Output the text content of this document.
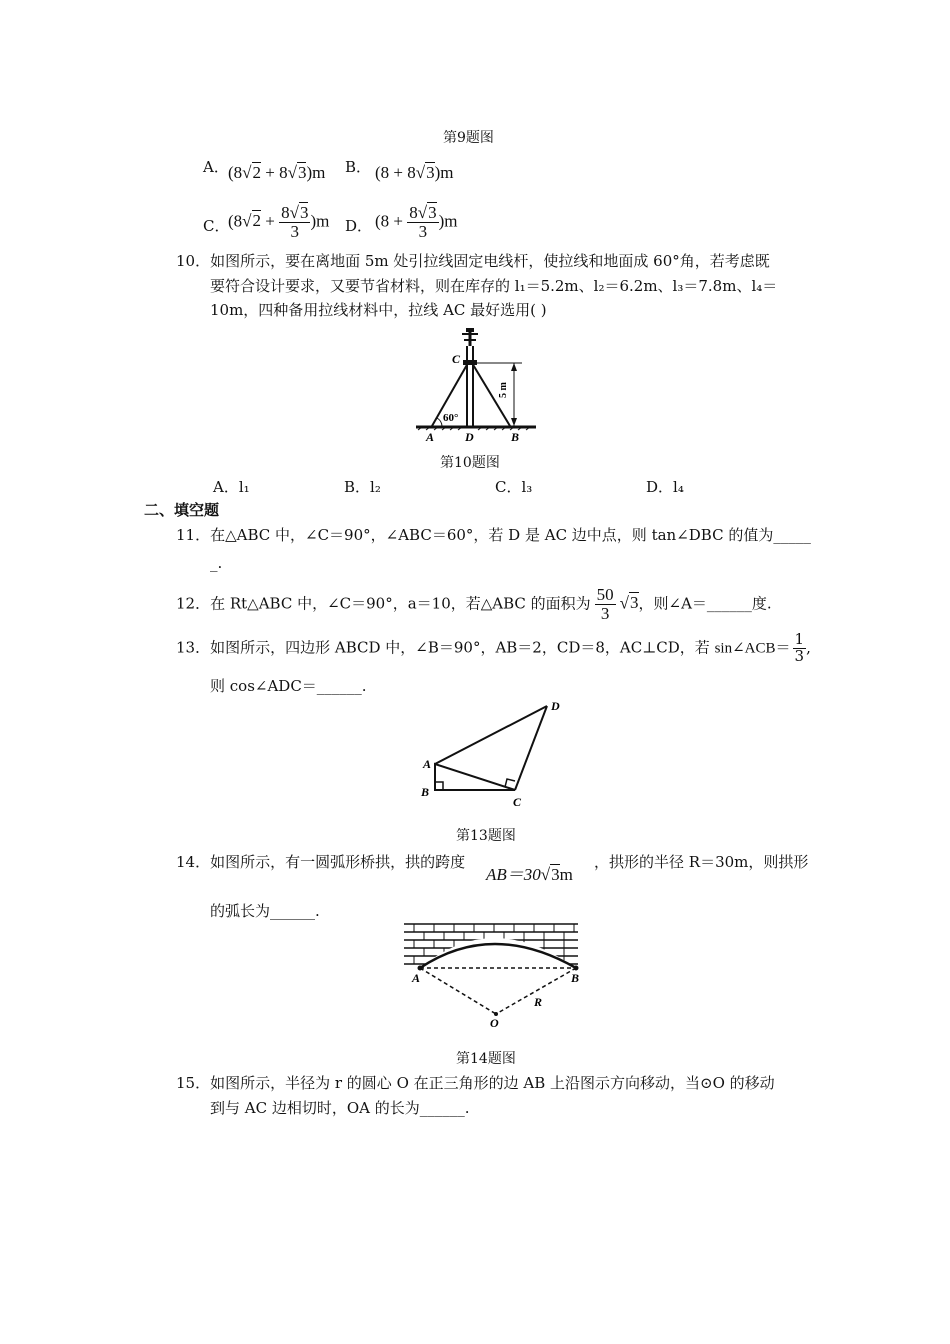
第9题图
A． (8√2 + 8√3)m B． (8 + 8√3)m
C．
$(8√2 + \frac{8√3}{3} )m$ D． $(8 + \frac{8√3}{3} )m$
10．如图所示，要在离地面 5m 处引拉线固定电线杆，使拉线和地面成 60°角，若考虑既
要符合设计要求，又要节省材料，则在库存的 l₁＝5.2m、l₂＝6.2m、l₃＝7.8m、l₄＝
10m，四种备用拉线材料中，拉线 AC 最好选用( )
5 m
60°
C
A	D	B
第10题图
A．l₁	B．l₂	C．l₃	D．l₄
二、填空题
11．在△ABC 中，∠C＝90°，∠ABC＝60°，若 D 是 AC 边中点，则 tan∠DBC 的值为_____
_.
12．在 Rt△ABC 中，∠C＝90°，a＝10，若△ABC 的面积为 $\frac{50}{3} √3$，则∠A＝______度.
13．如图所示，四边形 ABCD 中，∠B＝90°，AB＝2，CD＝8，AC⊥CD，若 sin∠ACB＝ $\frac{1}{3}$ ,
则 cos∠ADC＝______.
A
B
C
D
第13题图
14．如图所示，有一圆弧形桥拱，拱的跨度
AB＝30√3m
，拱形的半径 R＝30m，则拱形
的弧长为______.
A	B
O
R
第14题图
15．如图所示，半径为 r 的圆心 O 在正三角形的边 AB 上沿图示方向移动，当⊙O 的移动
到与 AC 边相切时，OA 的长为______.
